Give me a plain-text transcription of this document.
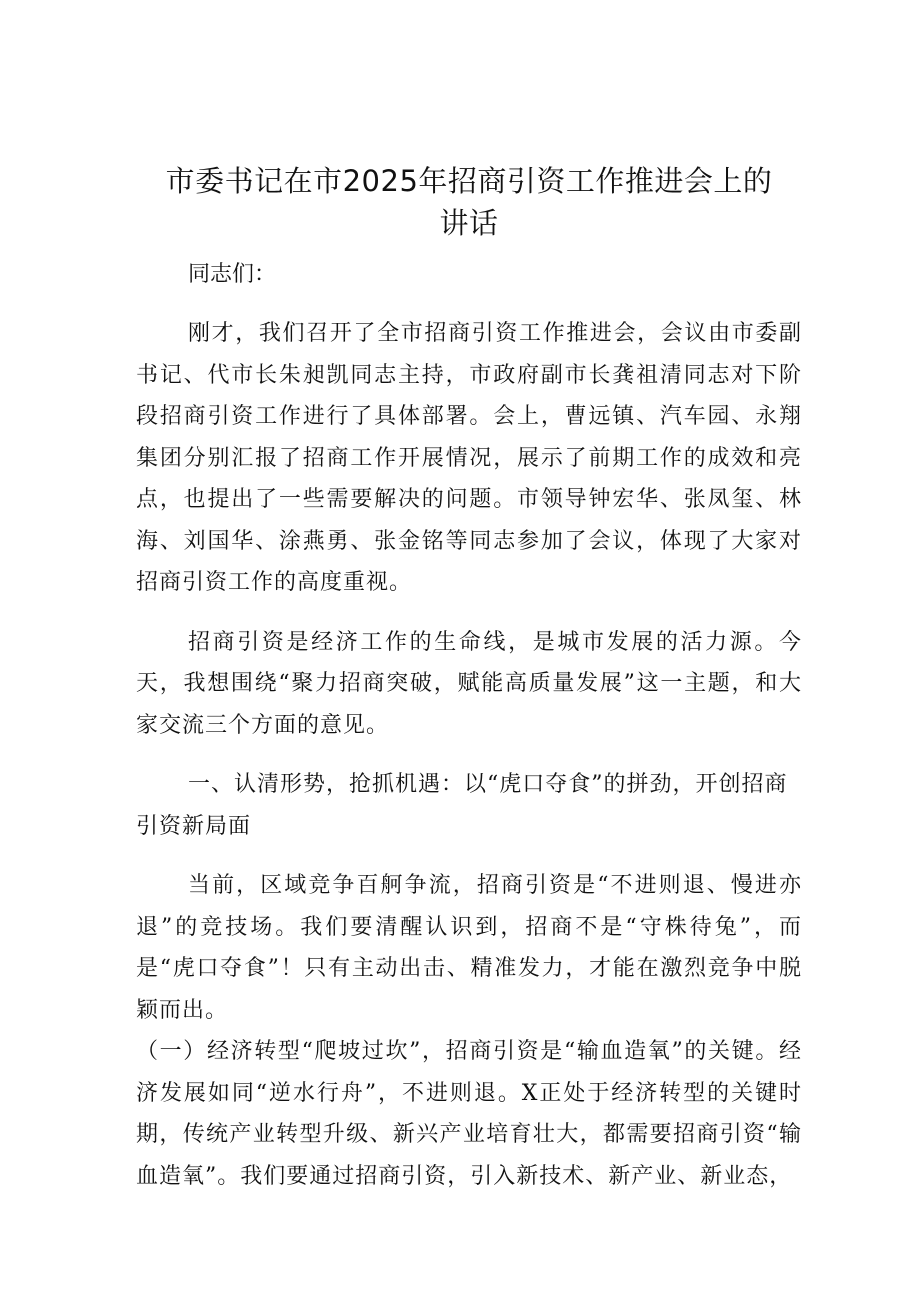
市委书记在市2025年招商引资工作推进会上的
讲话

同志们：

刚才，我们召开了全市招商引资工作推进会，会议由市委副书记、代市长朱昶凯同志主持，市政府副市长龚祖清同志对下阶段招商引资工作进行了具体部署。会上，曹远镇、汽车园、永翔集团分别汇报了招商工作开展情况，展示了前期工作的成效和亮点，也提出了一些需要解决的问题。市领导钟宏华、张凤玺、林海、刘国华、涂燕勇、张金铭等同志参加了会议，体现了大家对招商引资工作的高度重视。

招商引资是经济工作的生命线，是城市发展的活力源。今天，我想围绕“聚力招商突破，赋能高质量发展”这一主题，和大家交流三个方面的意见。

一、认清形势，抢抓机遇：以“虎口夺食”的拼劲，开创招商引资新局面

当前，区域竞争百舸争流，招商引资是“不进则退、慢进亦退”的竞技场。我们要清醒认识到，招商不是“守株待兔”，而是“虎口夺食”！只有主动出击、精准发力，才能在激烈竞争中脱颖而出。

（一）经济转型“爬坡过坎”，招商引资是“输血造氧”的关键。经济发展如同“逆水行舟”，不进则退。X正处于经济转型的关键时期，传统产业转型升级、新兴产业培育壮大，都需要招商引资“输血造氧”。我们要通过招商引资，引入新技术、新产业、新业态，
